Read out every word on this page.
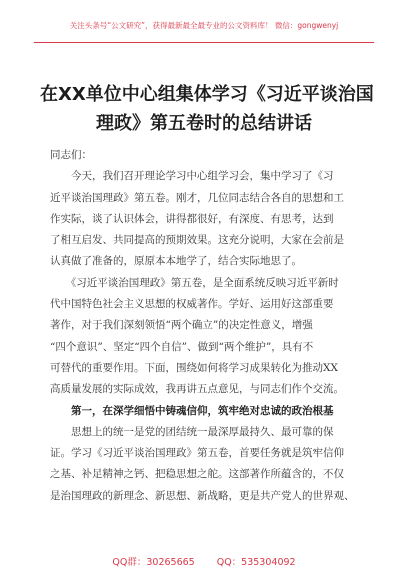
关注头条号“公文研究”，获得最新最全最专业的公文资料库！ 微信：gongwenyj
在XX单位中心组集体学习《习近平谈治国
理政》第五卷时的总结讲话
同志们：
　　今天，我们召开理论学习中心组学习会，集中学习了《习
近平谈治国理政》第五卷。刚才，几位同志结合各自的思想和工
作实际，谈了认识体会，讲得都很好，有深度、有思考，达到
了相互启发、共同提高的预期效果。这充分说明，大家在会前是
认真做了准备的，原原本本地学了，结合实际地思了。
　　《习近平谈治国理政》第五卷，是全面系统反映习近平新时
代中国特色社会主义思想的权威著作。学好、运用好这部重要
著作，对于我们深刻领悟“两个确立”的决定性意义，增强
“四个意识”、坚定“四个自信”、做到“两个维护”，具有不
可替代的重要作用。下面，围绕如何将学习成果转化为推动XX
高质量发展的实际成效，我再讲五点意见，与同志们作个交流。
　　第一，在深学细悟中铸魂信仰，筑牢绝对忠诚的政治根基
　　思想上的统一是党的团结统一最深厚最持久、最可靠的保
证。学习《习近平谈治国理政》第五卷，首要任务就是筑牢信仰
之基、补足精神之钙、把稳思想之舵。这部著作所蕴含的，不仅
是治国理政的新理念、新思想、新战略，更是共产党人的世界观、
QQ群：30265665 QQ：535304092
